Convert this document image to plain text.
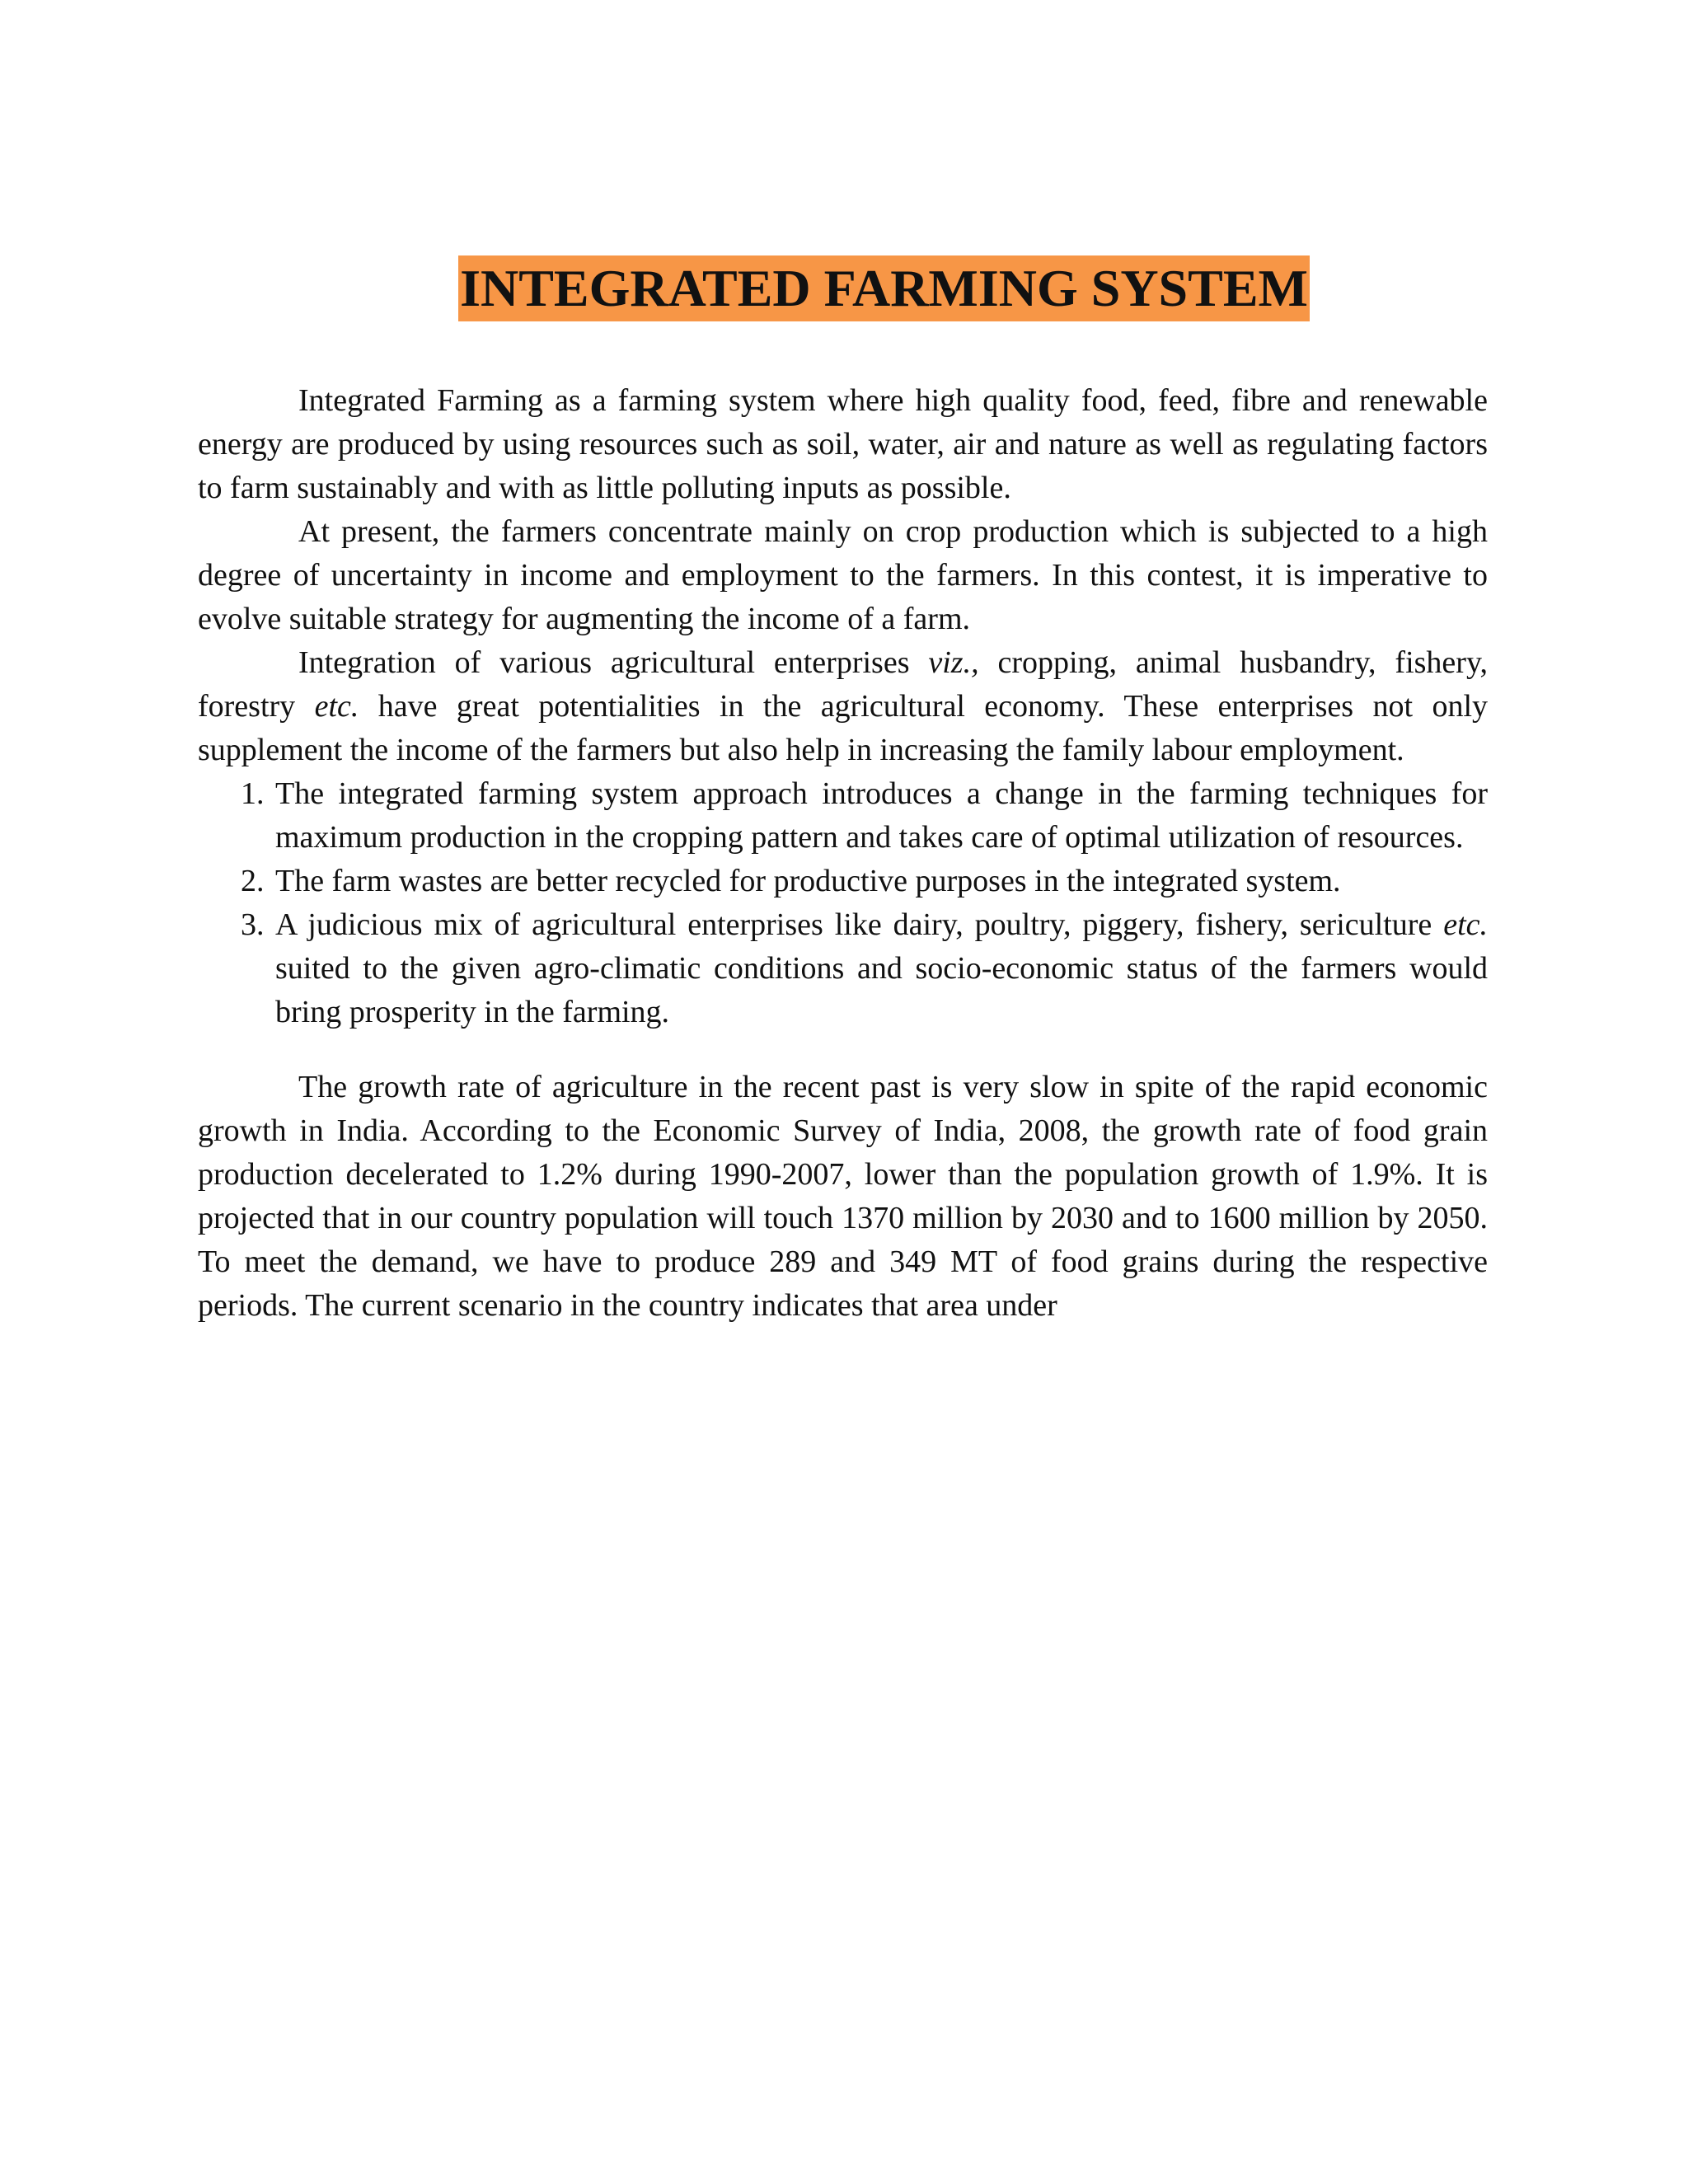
INTEGRATED FARMING SYSTEM

Integrated Farming as a farming system where high quality food, feed, fibre and renewable energy are produced by using resources such as soil, water, air and nature as well as regulating factors to farm sustainably and with as little polluting inputs as possible.

At present, the farmers concentrate mainly on crop production which is subjected to a high degree of uncertainty in income and employment to the farmers. In this contest, it is imperative to evolve suitable strategy for augmenting the income of a farm.

Integration of various agricultural enterprises viz., cropping, animal husbandry, fishery, forestry etc. have great potentialities in the agricultural economy. These enterprises not only supplement the income of the farmers but also help in increasing the family labour employment.

1. The integrated farming system approach introduces a change in the farming techniques for maximum production in the cropping pattern and takes care of optimal utilization of resources.
2. The farm wastes are better recycled for productive purposes in the integrated system.
3. A judicious mix of agricultural enterprises like dairy, poultry, piggery, fishery, sericulture etc. suited to the given agro-climatic conditions and socio-economic status of the farmers would bring prosperity in the farming.

The growth rate of agriculture in the recent past is very slow in spite of the rapid economic growth in India. According to the Economic Survey of India, 2008, the growth rate of food grain production decelerated to 1.2% during 1990-2007, lower than the population growth of 1.9%. It is projected that in our country population will touch 1370 million by 2030 and to 1600 million by 2050. To meet the demand, we have to produce 289 and 349 MT of food grains during the respective periods. The current scenario in the country indicates that area under
